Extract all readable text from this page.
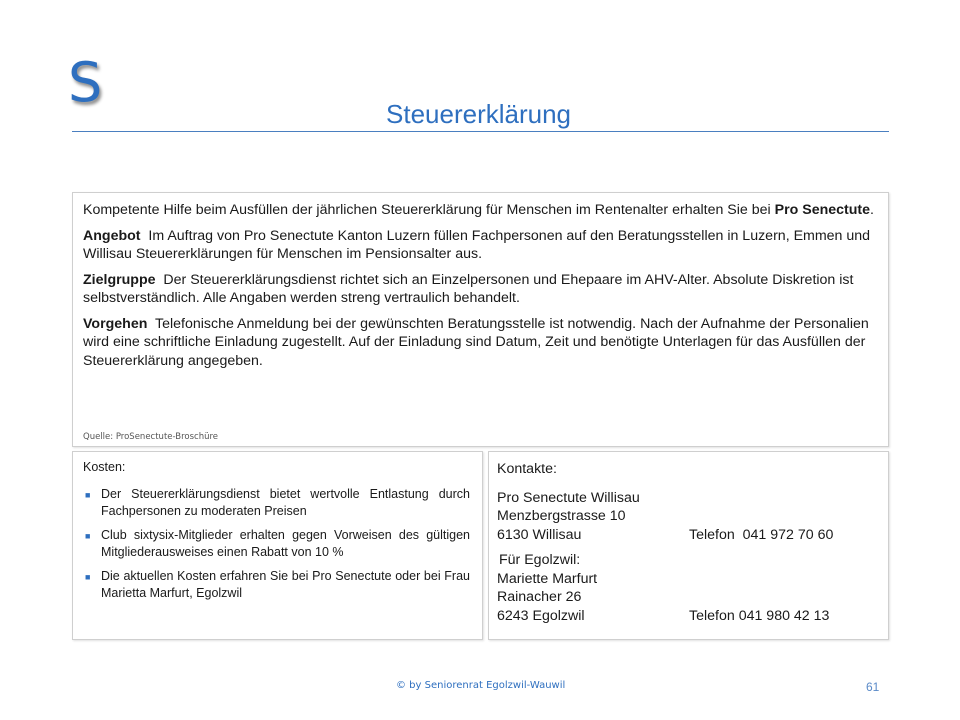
S	Steuererklärung

Kompetente Hilfe beim Ausfüllen der jährlichen Steuererklärung für Menschen im Rentenalter erhalten Sie bei Pro Senectute.

Angebot  Im Auftrag von Pro Senectute Kanton Luzern füllen Fachpersonen auf den Beratungsstellen in Luzern, Emmen und Willisau Steuererklärungen für Menschen im Pensionsalter aus.

Zielgruppe  Der Steuererklärungsdienst richtet sich an Einzelpersonen und Ehepaare im AHV-Alter. Absolute Diskretion ist selbstverständlich. Alle Angaben werden streng vertraulich behandelt.

Vorgehen  Telefonische Anmeldung bei der gewünschten Beratungsstelle ist notwendig. Nach der Aufnahme der Personalien wird eine schriftliche Einladung zugestellt. Auf der Einladung sind Datum, Zeit und benötigte Unterlagen für das Ausfüllen der Steuererklärung angegeben.

Quelle: ProSenectute-Broschüre
Kosten:
■ Der Steuererklärungsdienst bietet wertvolle Entlastung durch Fachpersonen zu moderaten Preisen
■ Club sixtysix-Mitglieder erhalten gegen Vorweisen des gültigen Mitgliederausweises einen Rabatt von 10 %
■ Die aktuellen Kosten erfahren Sie bei Pro Senectute oder bei Frau Marietta Marfurt, Egolzwil
Kontakte:
Pro Senectute Willisau
Menzbergstrasse 10
6130 Willisau	Telefon  041 972 70 60
Für Egolzwil:
Mariette Marfurt
Rainacher 26
6243 Egolzwil	Telefon 041 980 42 13
© by Seniorenrat Egolzwil-Wauwil	61
